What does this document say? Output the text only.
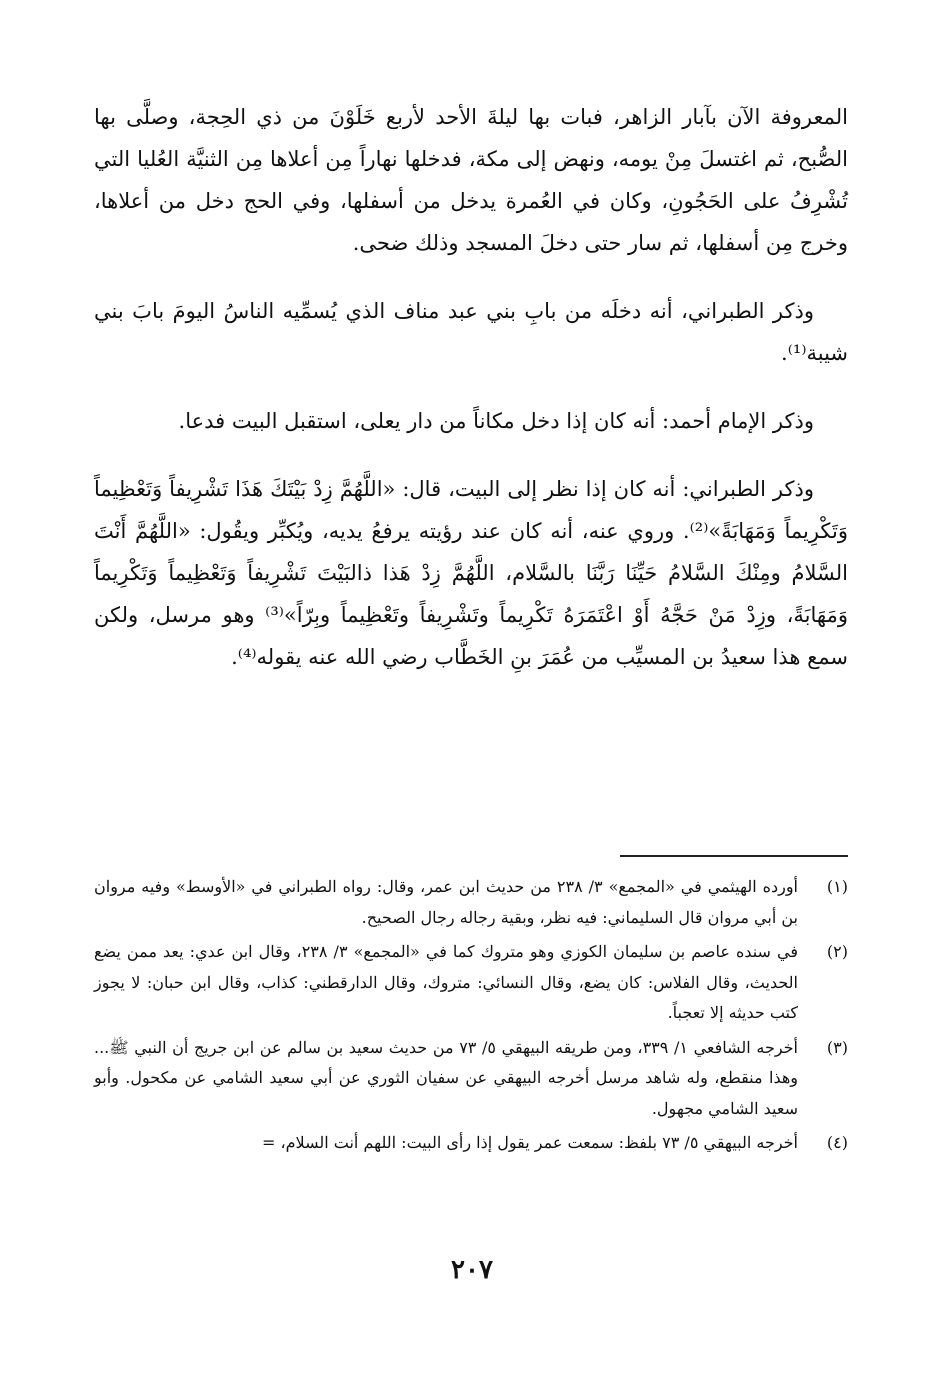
المعروفة الآن بآبار الزاهر، فبات بها ليلةَ الأحد لأربع خَلَوْنَ من ذي الحِجة، وصلَّى بها الصُّبح، ثم اغتسلَ مِنْ يومه، ونهض إلى مكة، فدخلها نهاراً مِن أعلاها مِن الثنيَّة العُليا التي تُشْرِفُ على الحَجُونِ، وكان في العُمرة يدخل من أسفلها، وفي الحج دخل من أعلاها، وخرج مِن أسفلها، ثم سار حتى دخلَ المسجد وذلك ضحى.

وذكر الطبراني، أنه دخلَه من بابِ بني عبد مناف الذي يُسمِّيه الناسُ اليومَ بابَ بني شيبة⁽¹⁾.

وذكر الإمام أحمد: أنه كان إذا دخل مكاناً من دار يعلى، استقبل البيت فدعا.

وذكر الطبراني: أنه كان إذا نظر إلى البيت، قال: «اللَّهُمَّ زِدْ بَيْتَكَ هَذَا تَشْرِيفاً وَتَعْظِيماً وَتَكْرِيماً وَمَهَابَةً»⁽²⁾. وروي عنه، أنه كان عند رؤيته يرفعُ يديه، ويُكبِّر ويقُول: «اللَّهُمَّ أَنْتَ السَّلامُ ومِنْكَ السَّلامُ حَيِّنَا رَبَّنَا بالسَّلام، اللَّهُمَّ زِدْ هَذا ذالبَيْتَ تَشْرِيفاً وَتَعْظِيماً وَتَكْرِيماً وَمَهَابَةً، وزِدْ مَنْ حَجَّهُ أَوْ اعْتَمَرَهُ تَكْرِيماً وتَشْرِيفاً وتَعْظِيماً وبِرّاً»⁽³⁾ وهو مرسل، ولكن سمع هذا سعيدُ بن المسيِّب من عُمَرَ بنِ الخَطَّاب رضي الله عنه يقوله⁽⁴⁾.

(١)
أورده الهيثمي في «المجمع» ٣/ ٢٣٨ من حديث ابن عمر، وقال: رواه الطبراني في «الأوسط» وفيه مروان بن أبي مروان قال السليماني: فيه نظر، وبقية رجاله رجال الصحيح.
(٢)
في سنده عاصم بن سليمان الكوزي وهو متروك كما في «المجمع» ٣/ ٢٣٨، وقال ابن عدي: يعد ممن يضع الحديث، وقال الفلاس: كان يضع، وقال النسائي: متروك، وقال الدارقطني: كذاب، وقال ابن حبان: لا يجوز كتب حديثه إلا تعجباً.
(٣)
أخرجه الشافعي ١/ ٣٣٩، ومن طريقه البيهقي ٥/ ٧٣ من حديث سعيد بن سالم عن ابن جريج أن النبي ﷺ... وهذا منقطع، وله شاهد مرسل أخرجه البيهقي عن سفيان الثوري عن أبي سعيد الشامي عن مكحول. وأبو سعيد الشامي مجهول.
(٤)
أخرجه البيهقي ٥/ ٧٣ بلفظ: سمعت عمر يقول إذا رأى البيت: اللهم أنت السلام، =
٢٠٧
